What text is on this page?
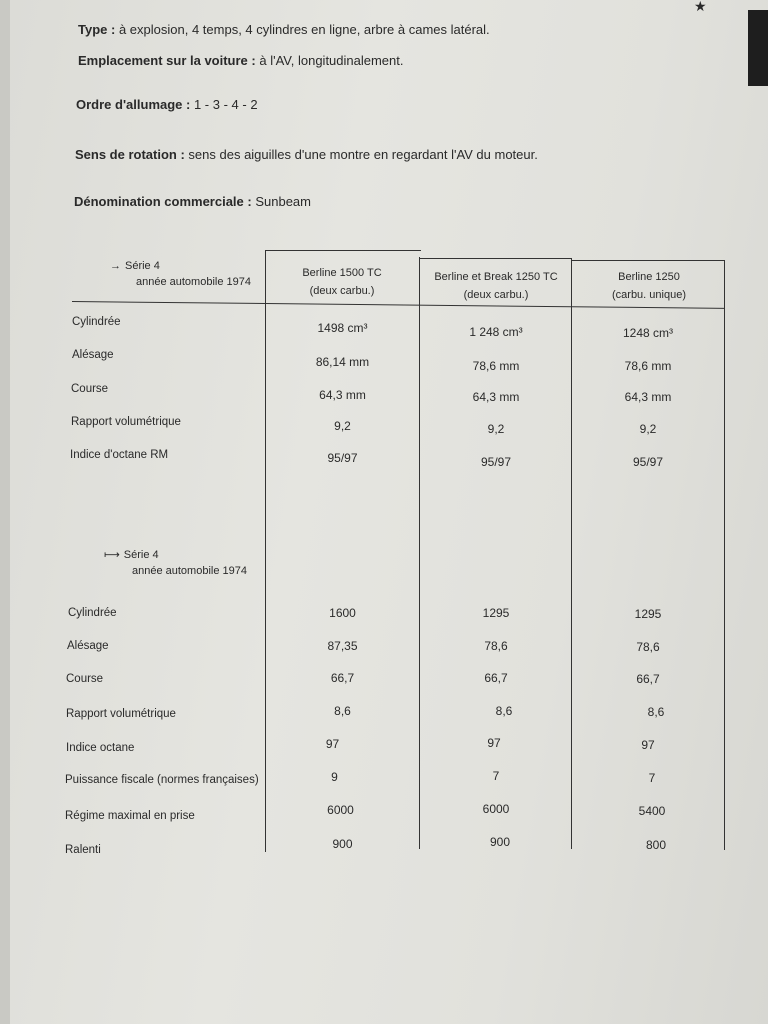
★
Type : à explosion, 4 temps, 4 cylindres en ligne, arbre à cames latéral.
Emplacement sur la voiture : à l'AV, longitudinalement.
Ordre d'allumage : 1 - 3 - 4 - 2
Sens de rotation : sens des aiguilles d'une montre en regardant l'AV du moteur.
Dénomination commerciale : Sunbeam
→ Série 4
année automobile 1974
Berline 1500 TC
(deux carbu.)
Berline et Break 1250 TC
(deux carbu.)
Berline 1250
(carbu. unique)
Cylindrée	1498 cm³	1 248 cm³	1248 cm³
Alésage	86,14 mm	78,6 mm	78,6 mm
Course	64,3 mm	64,3 mm	64,3 mm
Rapport volumétrique	9,2	9,2	9,2
Indice d'octane RM	95/97	95/97	95/97
⟼ Série 4
année automobile 1974
Cylindrée	1600	1295	1295
Alésage	87,35	78,6	78,6
Course	66,7	66,7	66,7
Rapport volumétrique	8,6	8,6	8,6
Indice octane	97	97	97
Puissance fiscale (normes françaises)	9	7	7
Régime maximal en prise	6000	6000	5400
Ralenti	900	900	800
